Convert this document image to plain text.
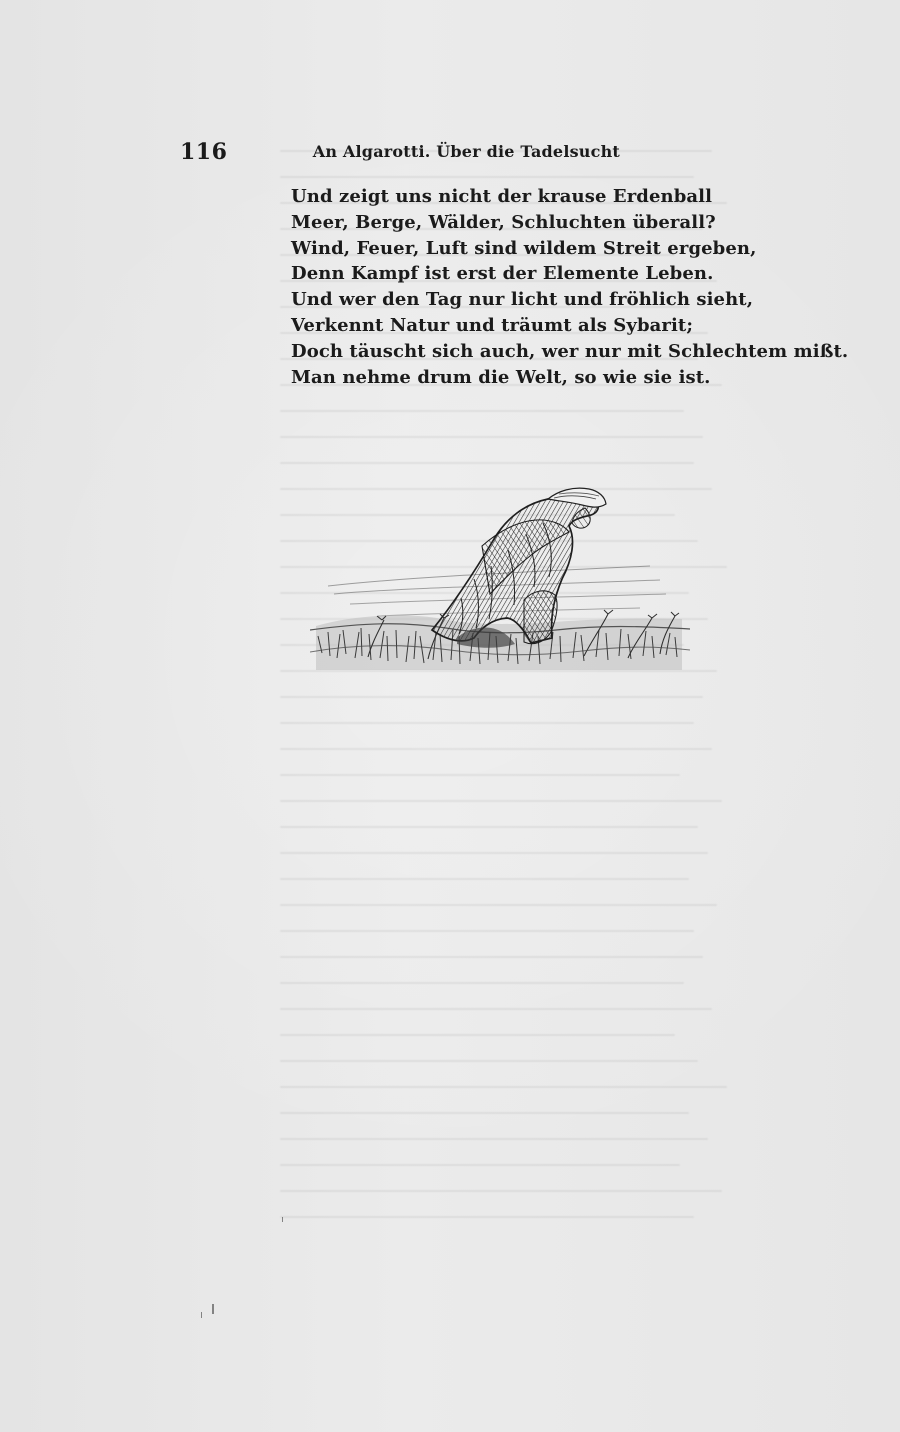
116	An Algarotti. Über die Tadelsucht
Und zeigt uns nicht der krause Erdenball
Meer, Berge, Wälder, Schluchten überall?
Wind, Feuer, Luft sind wildem Streit ergeben,
Denn Kampf ist erst der Elemente Leben.
Und wer den Tag nur licht und fröhlich sieht,
Verkennt Natur und träumt als Sybarit;
Doch täuscht sich auch, wer nur mit Schlechtem mißt.
Man nehme drum die Welt, so wie sie ist.
